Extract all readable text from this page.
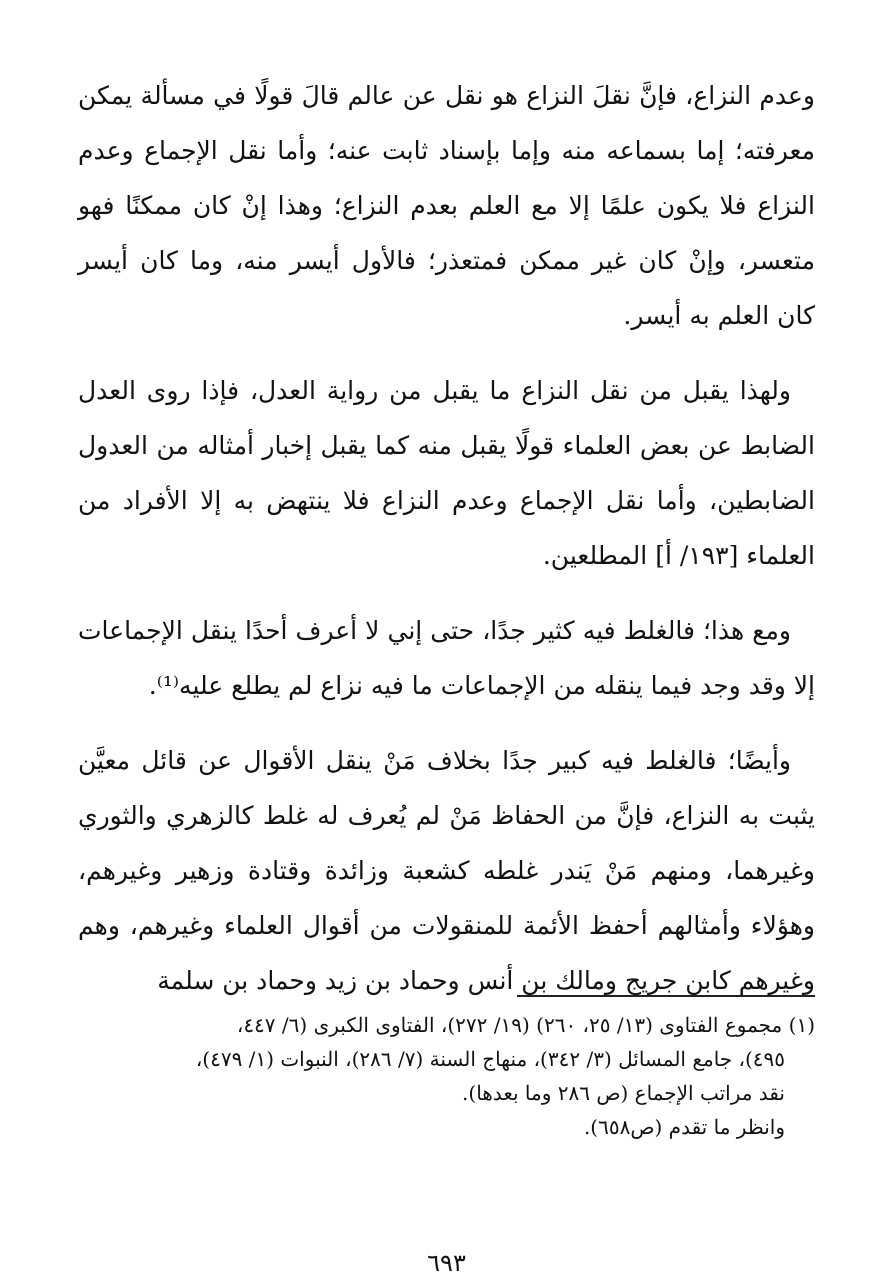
وعدم النزاع، فإنَّ نقلَ النزاع هو نقل عن عالم قالَ قولًا في مسألة يمكن معرفته؛ إما بسماعه منه وإما بإسناد ثابت عنه؛ وأما نقل الإجماع وعدم النزاع فلا يكون علمًا إلا مع العلم بعدم النزاع؛ وهذا إنْ كان ممكنًا فهو متعسر، وإنْ كان غير ممكن فمتعذر؛ فالأول أيسر منه، وما كان أيسر كان العلم به أيسر.

ولهذا يقبل من نقل النزاع ما يقبل من رواية العدل، فإذا روى العدل الضابط عن بعض العلماء قولًا يقبل منه كما يقبل إخبار أمثاله من العدول الضابطين، وأما نقل الإجماع وعدم النزاع فلا ينتهض به إلا الأفراد من العلماء [١٩٣/ أ] المطلعين.

ومع هذا؛ فالغلط فيه كثير جدًا، حتى إني لا أعرف أحدًا ينقل الإجماعات إلا وقد وجد فيما ينقله من الإجماعات ما فيه نزاع لم يطلع عليه⁽¹⁾.

وأيضًا؛ فالغلط فيه كبير جدًا بخلاف مَنْ ينقل الأقوال عن قائل معيَّن يثبت به النزاع، فإنَّ من الحفاظ مَنْ لم يُعرف له غلط كالزهري والثوري وغيرهما، ومنهم مَنْ يَندر غلطه كشعبة وزائدة وقتادة وزهير وغيرهم، وهؤلاء وأمثالهم أحفظ الأئمة للمنقولات من أقوال العلماء وغيرهم، وهم وغيرهم كابن جريج ومالك بن أنس وحماد بن زيد وحماد بن سلمة

(١) مجموع الفتاوى (١٣/ ٢٥، ٢٦٠) (١٩/ ٢٧٢)، الفتاوى الكبرى (٦/ ٤٤٧،
٤٩٥)، جامع المسائل (٣/ ٣٤٢)، منهاج السنة (٧/ ٢٨٦)، النبوات (١/ ٤٧٩)،
نقد مراتب الإجماع (ص ٢٨٦ وما بعدها).
وانظر ما تقدم (ص٦٥٨).
٦٩٣
